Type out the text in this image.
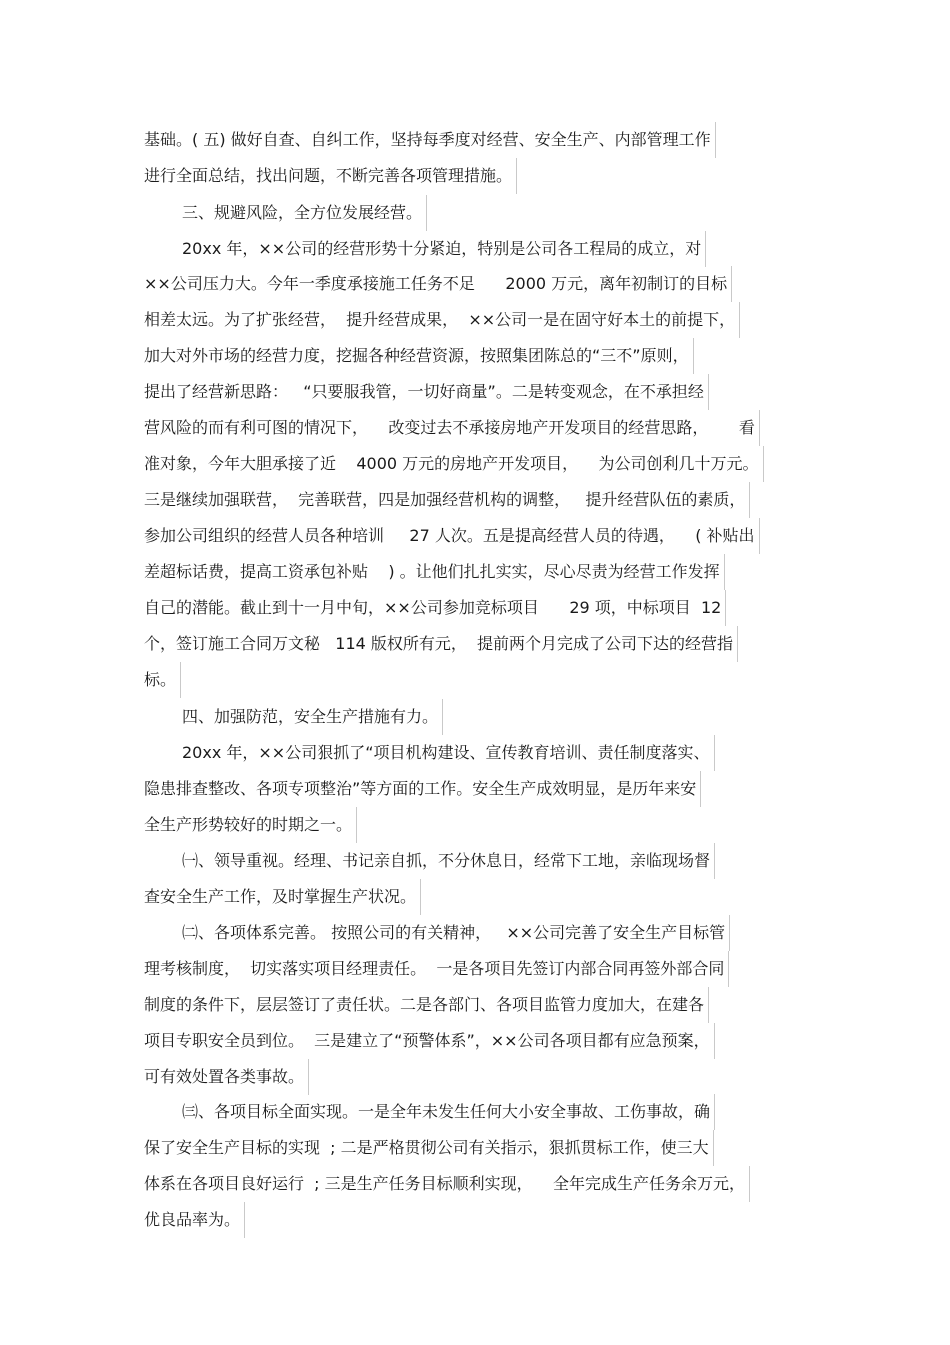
基础。( 五) 做好自查、自纠工作，坚持每季度对经营、安全生产、内部管理工作
进行全面总结，找出问题，不断完善各项管理措施。
三、规避风险，全方位发展经营。
20xx 年，××公司的经营形势十分紧迫，特别是公司各工程局的成立，对
××公司压力大。今年一季度承接施工任务不足      2000 万元，离年初制订的目标
相差太远。为了扩张经营，  提升经营成果，  ××公司一是在固守好本土的前提下，
加大对外市场的经营力度，挖掘各种经营资源，按照集团陈总的“三不”原则，
提出了经营新思路：   “只要服我管，一切好商量”。二是转变观念，在不承担经
营风险的而有利可图的情况下，    改变过去不承接房地产开发项目的经营思路，      看
准对象，今年大胆承接了近    4000 万元的房地产开发项目，    为公司创利几十万元。
三是继续加强联营，  完善联营，四是加强经营机构的调整，   提升经营队伍的素质，
参加公司组织的经营人员各种培训     27 人次。五是提高经营人员的待遇，    ( 补贴出
差超标话费，提高工资承包补贴    ) 。让他们扎扎实实，尽心尽责为经营工作发挥
自己的潜能。截止到十一月中旬，××公司参加竞标项目      29 项，中标项目  12
个，签订施工合同万文秘   114 版权所有元，  提前两个月完成了公司下达的经营指
标。
四、加强防范，安全生产措施有力。
20xx 年，××公司狠抓了“项目机构建设、宣传教育培训、责任制度落实、
隐患排查整改、各项专项整治”等方面的工作。安全生产成效明显，是历年来安
全生产形势较好的时期之一。
㈠、领导重视。经理、书记亲自抓，不分休息日，经常下工地，亲临现场督
查安全生产工作，及时掌握生产状况。
㈡、各项体系完善。 按照公司的有关精神，   ××公司完善了安全生产目标管
理考核制度，  切实落实项目经理责任。  一是各项目先签订内部合同再签外部合同
制度的条件下，层层签订了责任状。二是各部门、各项目监管力度加大，在建各
项目专职安全员到位。  三是建立了“预警体系”，××公司各项目都有应急预案，
可有效处置各类事故。
㈢、各项目标全面实现。一是全年未发生任何大小安全事故、工伤事故，确
保了安全生产目标的实现  ; 二是严格贯彻公司有关指示，狠抓贯标工作，使三大
体系在各项目良好运行  ; 三是生产任务目标顺利实现，    全年完成生产任务余万元，
优良品率为。
